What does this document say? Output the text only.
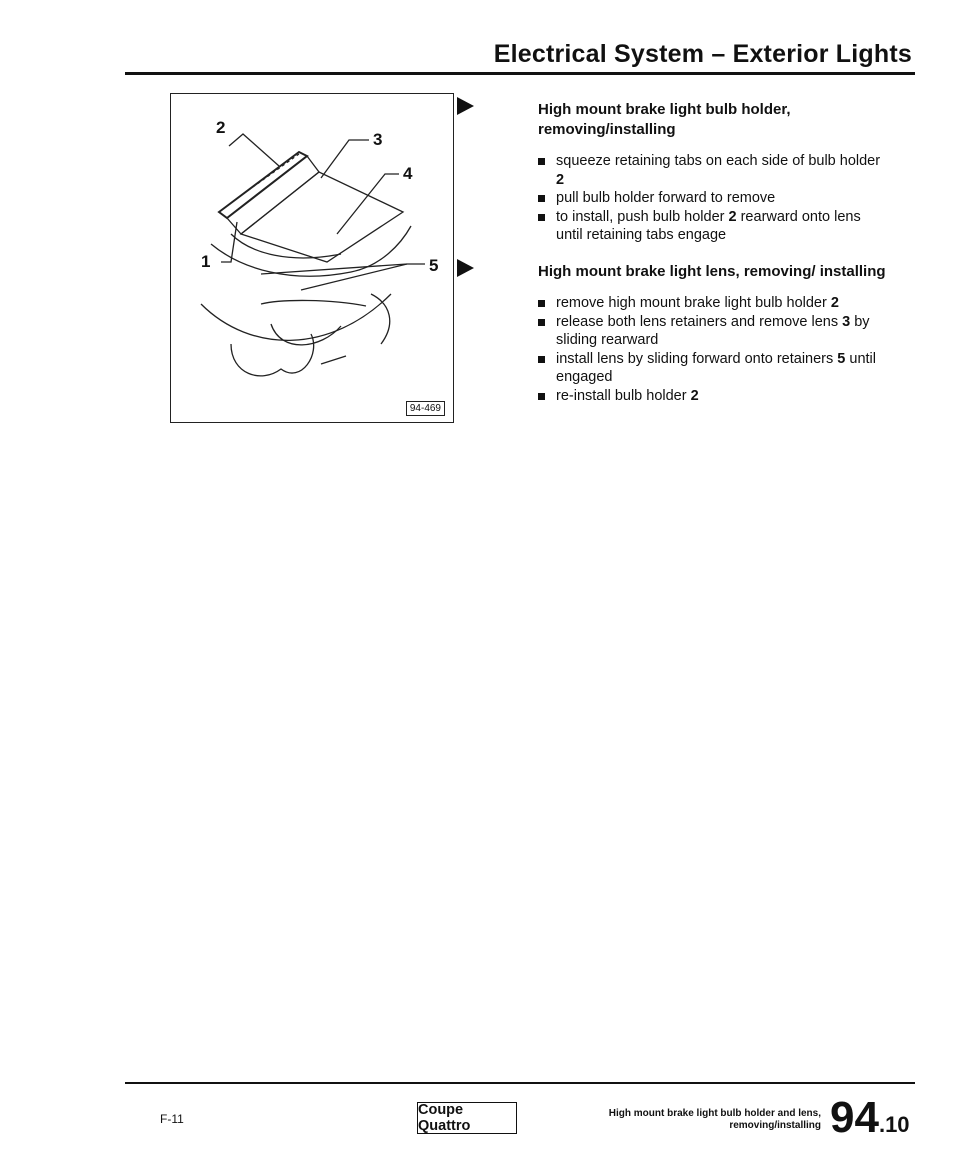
Electrical System – Exterior Lights
2
3
4
1	5
94-469
High mount brake light bulb holder, removing/installing
squeeze retaining tabs on each side of bulb holder 2
pull bulb holder forward to remove
to install, push bulb holder 2 rearward onto lens until retaining tabs engage
High mount brake light lens, removing/ installing
remove high mount brake light bulb holder 2
release both lens retainers and remove lens 3 by sliding rearward
install lens by sliding forward onto retainers 5 until engaged
re-install bulb holder 2
F-11
Coupe Quattro
High mount brake light bulb holder and lens,
removing/installing 94.10
